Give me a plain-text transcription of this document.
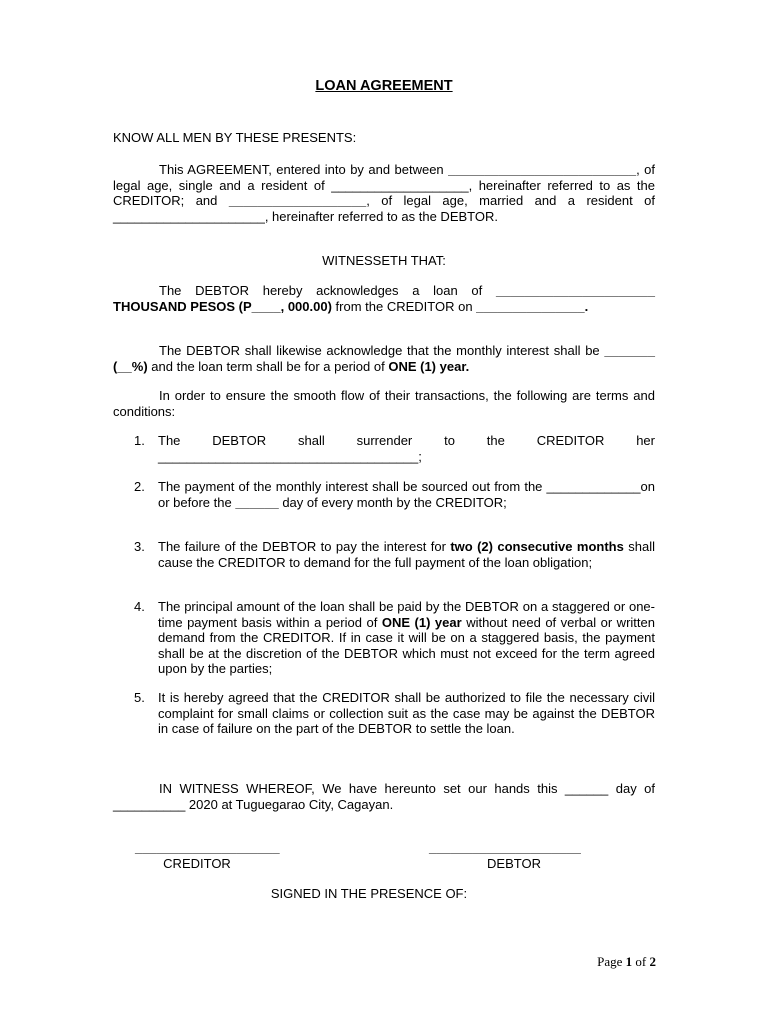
LOAN AGREEMENT
KNOW ALL MEN BY THESE PRESENTS:
This AGREEMENT, entered into by and between __________________________, of legal age, single and a resident of ___________________, hereinafter referred to as the CREDITOR; and ___________________, of legal age, married and a resident of _____________________, hereinafter referred to as the DEBTOR.
WITNESSETH THAT:
The DEBTOR hereby acknowledges a loan of ______________________ THOUSAND PESOS (P____, 000.00) from the CREDITOR on _______________.
The DEBTOR shall likewise acknowledge that the monthly interest shall be _______ (__%) and the loan term shall be for a period of ONE (1) year.
In order to ensure the smooth flow of their transactions, the following are terms and conditions:
1. The DEBTOR shall surrender to the CREDITOR her ____________________________________;
2. The payment of the monthly interest shall be sourced out from the _____________on or before the ______ day of every month by the CREDITOR;
3. The failure of the DEBTOR to pay the interest for two (2) consecutive months shall cause the CREDITOR to demand for the full payment of the loan obligation;
4. The principal amount of the loan shall be paid by the DEBTOR on a staggered or one-time payment basis within a period of ONE (1) year without need of verbal or written demand from the CREDITOR. If in case it will be on a staggered basis, the payment shall be at the discretion of the DEBTOR which must not exceed for the term agreed upon by the parties;
5. It is hereby agreed that the CREDITOR shall be authorized to file the necessary civil complaint for small claims or collection suit as the case may be against the DEBTOR in case of failure on the part of the DEBTOR to settle the loan.
IN WITNESS WHEREOF, We have hereunto set our hands this ______ day of __________ 2020 at Tuguegarao City, Cagayan.
____________________
CREDITOR
_____________________
DEBTOR
SIGNED IN THE PRESENCE OF:
Page 1 of 2
